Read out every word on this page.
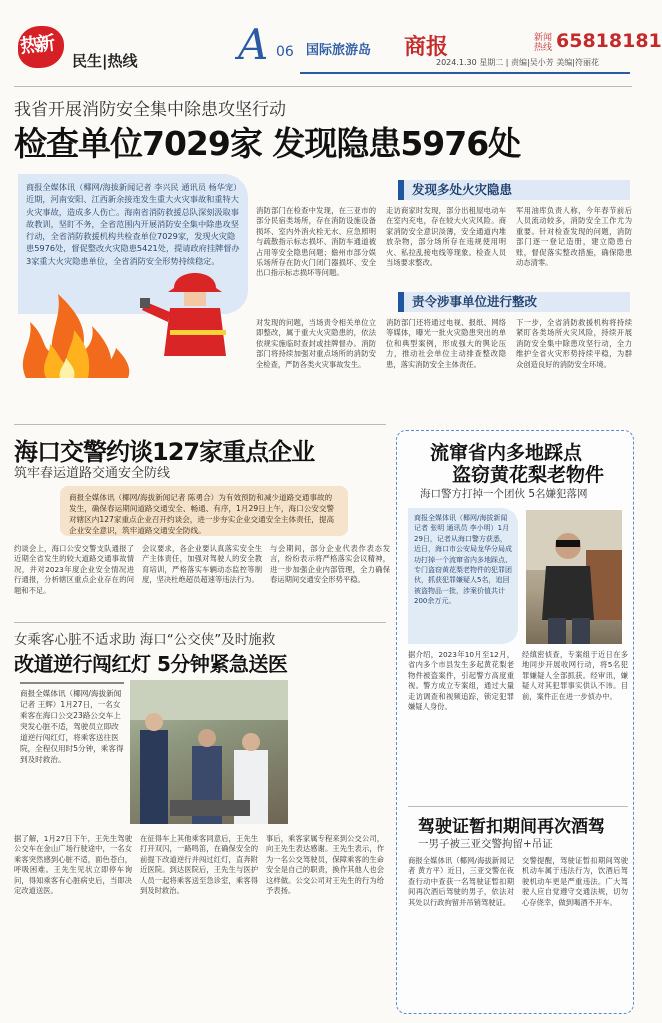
热新
民生|热线 A 06 国际旅游岛 商报	新闻热线 65818181
2024.1.30 星期二 | 责编|吴小芳 美编|符丽花
我省开展消防安全集中除患攻坚行动
检查单位7029家 发现隐患5976处
商报全媒体讯（椰网/海拔新闻记者 李兴民 通讯员 杨华宠）近期，河南安阳、江西新余接连发生重大火灾事故和重特大火灾事故，造成多人伤亡。海南省消防救援总队深刻汲取事故教训，坚盯不务，全省范围内开展消防安全集中除患攻坚行动，全省消防救援机构共检查单位7029家，发现火灾隐患5976处，督促整改火灾隐患5421处，提请政府挂牌督办3家重大火灾隐患单位，全省消防安全形势持续稳定。
发现多处火灾隐患
消防部门在检查中发现，在三亚市的部分民宿类场所，存在消防设施设备损坏、室内外消火栓无水、应急照明与疏散指示标志损坏、消防车通道被占用等安全隐患问题；儋州市部分娱乐场所存在防火门闭门器损坏、安全出口指示标志损坏等问题。
走访商家时发现，部分出租屋电动车在室内充电，存在较大火灾风险。商家消防安全意识淡薄，安全通道内堆放杂物，部分场所存在违规使用明火、私拉乱接电线等现象。检查人员当场要求整改。
军用油库负责人称，今年春节前后人员流动较多，消防安全工作尤为重要。针对检查发现的问题，消防部门逐一登记造册，建立隐患台账，督促落实整改措施，确保隐患动态清零。
责令涉事单位进行整改
对发现的问题，当场责令相关单位立即整改，属于重大火灾隐患的，依法依规实施临时查封或挂牌督办。消防部门将持续加强对重点场所的消防安全检查，严防各类火灾事故发生。
消防部门还将通过电视、报纸、网络等媒体，曝光一批火灾隐患突出的单位和典型案例，形成强大的舆论压力，推动社会单位主动排查整改隐患，落实消防安全主体责任。
下一步，全省消防救援机构将持续紧盯各类场所火灾风险，持续开展消防安全集中除患攻坚行动，全力维护全省火灾形势持续平稳，为群众创造良好的消防安全环境。
海口交警约谈127家重点企业
筑牢春运道路交通安全防线
商报全媒体讯（椰网/海拔新闻记者 陈勇合）为有效预防和减少道路交通事故的发生，确保春运期间道路交通安全、畅通、有序，1月29日上午，海口公安交警对辖区内127家重点企业召开约谈会，进一步夯实企业交通安全主体责任，提高企业安全意识，筑牢道路交通安全防线。
约谈会上，海口公安交警支队通报了近期全省发生的较大道路交通事故情况，并对2023年度企业安全情况进行通报，分析辖区重点企业存在的问题和不足。
会议要求，各企业要认真落实安全生产主体责任，加强对驾驶人的安全教育培训，严格落实车辆动态监控等制度，坚决杜绝超员超速等违法行为。
与会期间，部分企业代表作表态发言，纷纷表示将严格落实会议精神，进一步加强企业内部管理，全力确保春运期间交通安全形势平稳。
女乘客心脏不适求助 海口“公交侠”及时施救
改道逆行闯红灯 5分钟紧急送医
商报全媒体讯（椰网/海拔新闻记者 王辉）1月27日，一名女乘客在海口公交23路公交车上突发心脏不适，驾驶员立即改道逆行闯红灯，将乘客送往医院，全程仅用时5分钟，乘客得到及时救治。
据了解，1月27日下午，王先生驾驶公交车在金山广场行驶途中，一名女乘客突然感到心脏不适，面色苍白，呼吸困难。王先生见状立即停车询问，得知乘客有心脏病史后，当即决定改道送医。
在征得车上其他乘客同意后，王先生打开双闪，一路鸣笛，在确保安全的前提下改道逆行并闯过红灯，直奔附近医院。到达医院后，王先生与医护人员一起将乘客送至急诊室，乘客得到及时救治。
事后，乘客家属专程来到公交公司，向王先生表达感谢。王先生表示，作为一名公交驾驶员，保障乘客的生命安全是自己的职责，换作其他人也会这样做。公交公司对王先生的行为给予表扬。
流窜省内多地踩点
盗窃黄花梨老物件
海口警方打掉一个团伙 5名嫌犯落网
商报全媒体讯（椰网/海拔新闻记者 张明 通讯员 李小明）1月29日，记者从海口警方获悉，近日，海口市公安局龙华分局成功打掉一个流窜省内多地踩点、专门盗窃黄花梨老物件的犯罪团伙，抓获犯罪嫌疑人5名，追回被盗物品一批，涉案价值共计200余万元。
据介绍，2023年10月至12月，省内多个市县发生多起黄花梨老物件被盗案件，引起警方高度重视。警方成立专案组，通过大量走访调查和视频追踪，锁定犯罪嫌疑人身份。
经缜密侦查，专案组于近日在多地同步开展收网行动，将5名犯罪嫌疑人全部抓获。经审讯，嫌疑人对其犯罪事实供认不讳。目前，案件正在进一步侦办中。
驾驶证暂扣期间再次酒驾
一男子被三亚交警拘留+吊证
商报全媒体讯（椰网/海拔新闻记者 黄方平）近日，三亚交警在夜查行动中查获一名驾驶证暂扣期间再次酒后驾驶的男子，依法对其处以行政拘留并吊销驾驶证。
交警提醒，驾驶证暂扣期间驾驶机动车属于违法行为，饮酒后驾驶机动车更是严重违法。广大驾驶人应自觉遵守交通法规，切勿心存侥幸，做到喝酒不开车。
